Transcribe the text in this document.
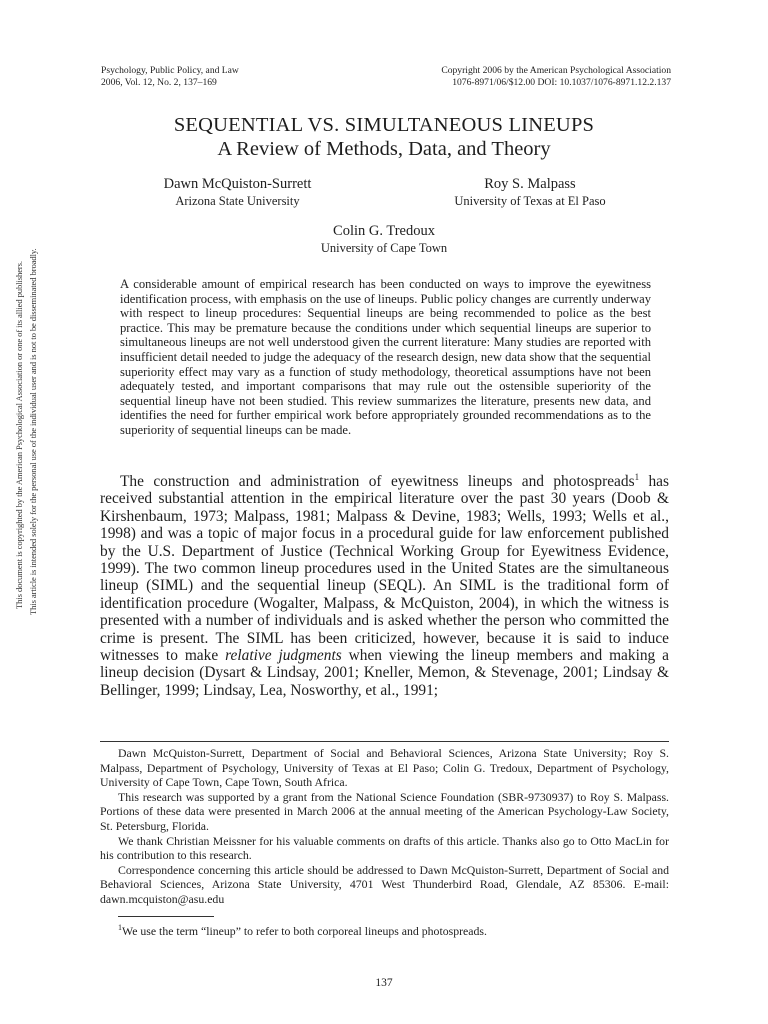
Psychology, Public Policy, and Law
2006, Vol. 12, No. 2, 137–169
Copyright 2006 by the American Psychological Association
1076-8971/06/$12.00 DOI: 10.1037/1076-8971.12.2.137
SEQUENTIAL VS. SIMULTANEOUS LINEUPS
A Review of Methods, Data, and Theory
Dawn McQuiston-Surrett
Arizona State University
Roy S. Malpass
University of Texas at El Paso
Colin G. Tredoux
University of Cape Town
A considerable amount of empirical research has been conducted on ways to improve the eyewitness identification process, with emphasis on the use of lineups. Public policy changes are currently underway with respect to lineup procedures: Sequential lineups are being recommended to police as the best practice. This may be premature because the conditions under which sequential lineups are superior to simultaneous lineups are not well understood given the current literature: Many studies are reported with insufficient detail needed to judge the adequacy of the research design, new data show that the sequential superiority effect may vary as a function of study methodology, theoretical assumptions have not been adequately tested, and important comparisons that may rule out the ostensible superiority of the sequential lineup have not been studied. This review summarizes the literature, presents new data, and identifies the need for further empirical work before appropriately grounded recommendations as to the superiority of sequential lineups can be made.
The construction and administration of eyewitness lineups and photospreads$^1$ has received substantial attention in the empirical literature over the past 30 years (Doob & Kirshenbaum, 1973; Malpass, 1981; Malpass & Devine, 1983; Wells, 1993; Wells et al., 1998) and was a topic of major focus in a procedural guide for law enforcement published by the U.S. Department of Justice (Technical Working Group for Eyewitness Evidence, 1999). The two common lineup procedures used in the United States are the simultaneous lineup (SIML) and the sequential lineup (SEQL). An SIML is the traditional form of identification procedure (Wogalter, Malpass, & McQuiston, 2004), in which the witness is presented with a number of individuals and is asked whether the person who committed the crime is present. The SIML has been criticized, however, because it is said to induce witnesses to make relative judgments when viewing the lineup members and making a lineup decision (Dysart & Lindsay, 2001; Kneller, Memon, & Stevenage, 2001; Lindsay & Bellinger, 1999; Lindsay, Lea, Nosworthy, et al., 1991;

Dawn McQuiston-Surrett, Department of Social and Behavioral Sciences, Arizona State University; Roy S. Malpass, Department of Psychology, University of Texas at El Paso; Colin G. Tredoux, Department of Psychology, University of Cape Town, Cape Town, South Africa.

This research was supported by a grant from the National Science Foundation (SBR-9730937) to Roy S. Malpass. Portions of these data were presented in March 2006 at the annual meeting of the American Psychology-Law Society, St. Petersburg, Florida.

We thank Christian Meissner for his valuable comments on drafts of this article. Thanks also go to Otto MacLin for his contribution to this research.

Correspondence concerning this article should be addressed to Dawn McQuiston-Surrett, Department of Social and Behavioral Sciences, Arizona State University, 4701 West Thunderbird Road, Glendale, AZ 85306. E-mail: dawn.mcquiston@asu.edu

$^1$We use the term “lineup” to refer to both corporeal lineups and photospreads.
137
This document is copyrighted by the American Psychological Association or one of its allied publishers. This article is intended solely for the personal use of the individual user and is not to be disseminated broadly.
